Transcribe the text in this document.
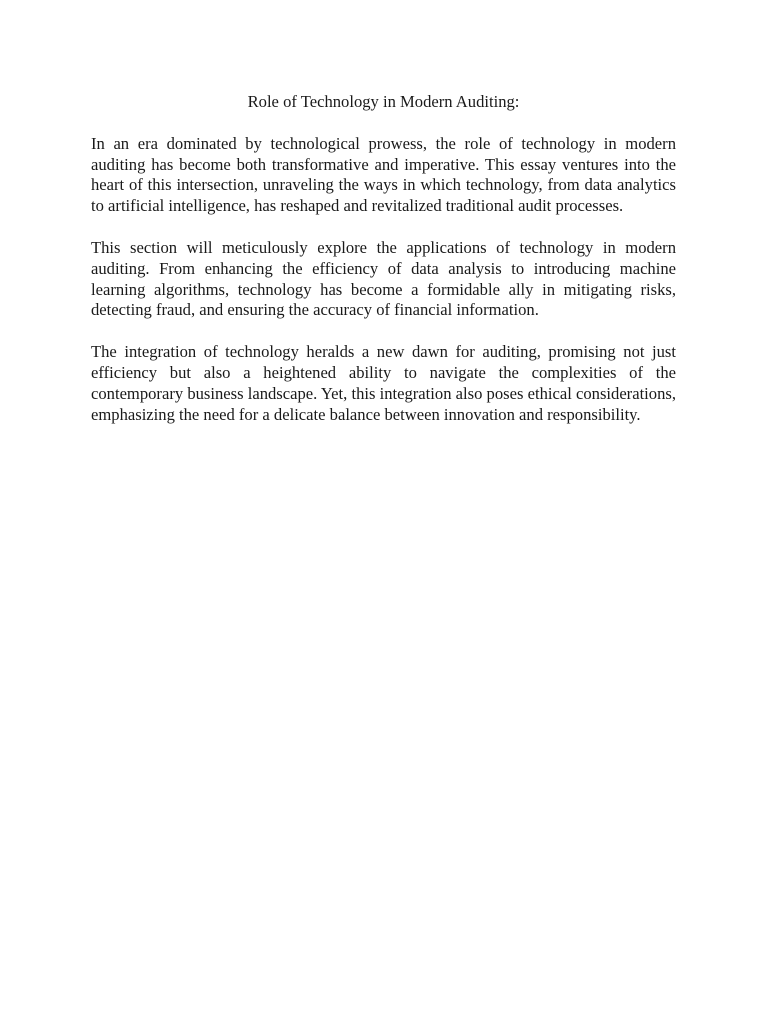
Role of Technology in Modern Auditing:

In an era dominated by technological prowess, the role of technology in modern auditing has become both transformative and imperative. This essay ventures into the heart of this intersection, unraveling the ways in which technology, from data analytics to artificial intelligence, has reshaped and revitalized traditional audit processes.

This section will meticulously explore the applications of technology in modern auditing. From enhancing the efficiency of data analysis to introducing machine learning algorithms, technology has become a formidable ally in mitigating risks, detecting fraud, and ensuring the accuracy of financial information.

The integration of technology heralds a new dawn for auditing, promising not just efficiency but also a heightened ability to navigate the complexities of the contemporary business landscape. Yet, this integration also poses ethical considerations, emphasizing the need for a delicate balance between innovation and responsibility.
